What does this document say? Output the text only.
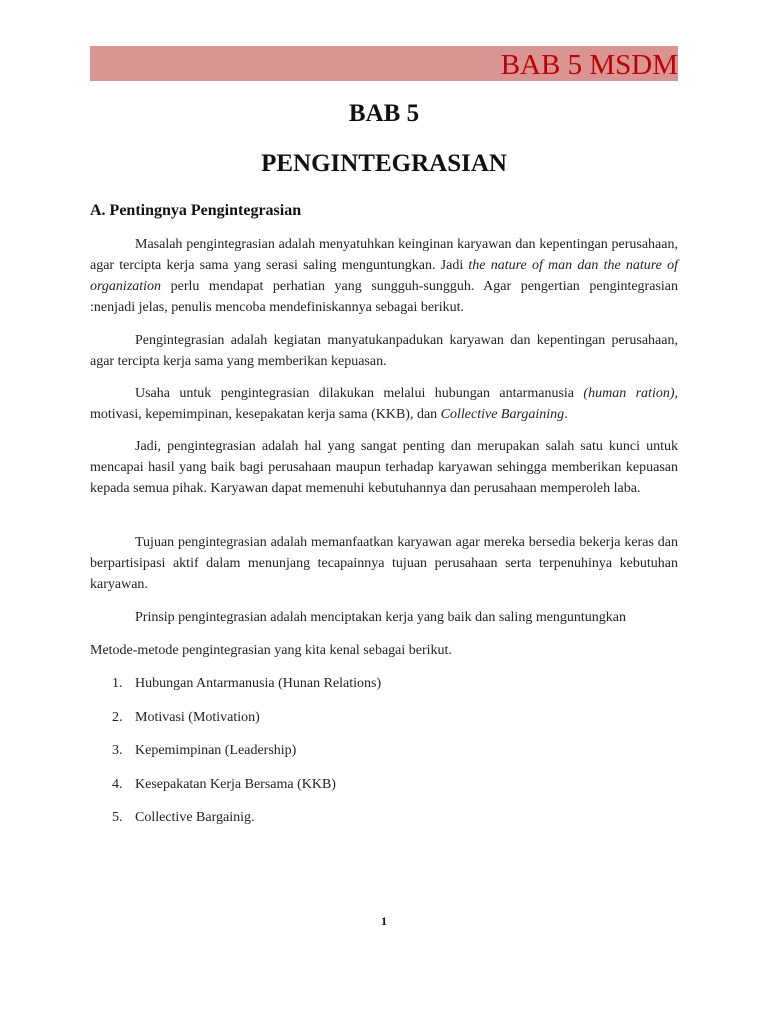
BAB 5 MSDM
BAB 5
PENGINTEGRASIAN
A. Pentingnya Pengintegrasian

Masalah pengintegrasian adalah menyatuhkan keinginan karyawan dan kepentingan perusahaan, agar tercipta kerja sama yang serasi saling menguntungkan. Jadi the nature of man dan the nature of organization perlu mendapat perhatian yang sungguh-sungguh. Agar pengertian pengintegrasian :nenjadi jelas, penulis mencoba mendefiniskannya sebagai berikut.

Pengintegrasian adalah kegiatan manyatukanpadukan karyawan dan kepentingan perusahaan, agar tercipta kerja sama yang memberikan kepuasan.

Usaha untuk pengintegrasian dilakukan melalui hubungan antarmanusia (human ration), motivasi, kepemimpinan, kesepakatan kerja sama (KKB), dan Collective Bargaining.

Jadi, pengintegrasian adalah hal yang sangat penting dan merupakan salah satu kunci untuk mencapai hasil yang baik bagi perusahaan maupun terhadap karyawan sehingga memberikan kepuasan kepada semua pihak. Karyawan dapat memenuhi kebutuhannya dan perusahaan memperoleh laba.

Tujuan pengintegrasian adalah memanfaatkan karyawan agar mereka bersedia bekerja keras dan berpartisipasi aktif dalam menunjang tecapainnya tujuan perusahaan serta terpenuhinya kebutuhan karyawan.

Prinsip pengintegrasian adalah menciptakan kerja yang baik dan saling menguntungkan

Metode-metode pengintegrasian yang kita kenal sebagai berikut.

1. Hubungan Antarmanusia (Hunan Relations)
2. Motivasi (Motivation)
3. Kepemimpinan (Leadership)
4. Kesepakatan Kerja Bersama (KKB)
5. Collective Bargainig.
1
